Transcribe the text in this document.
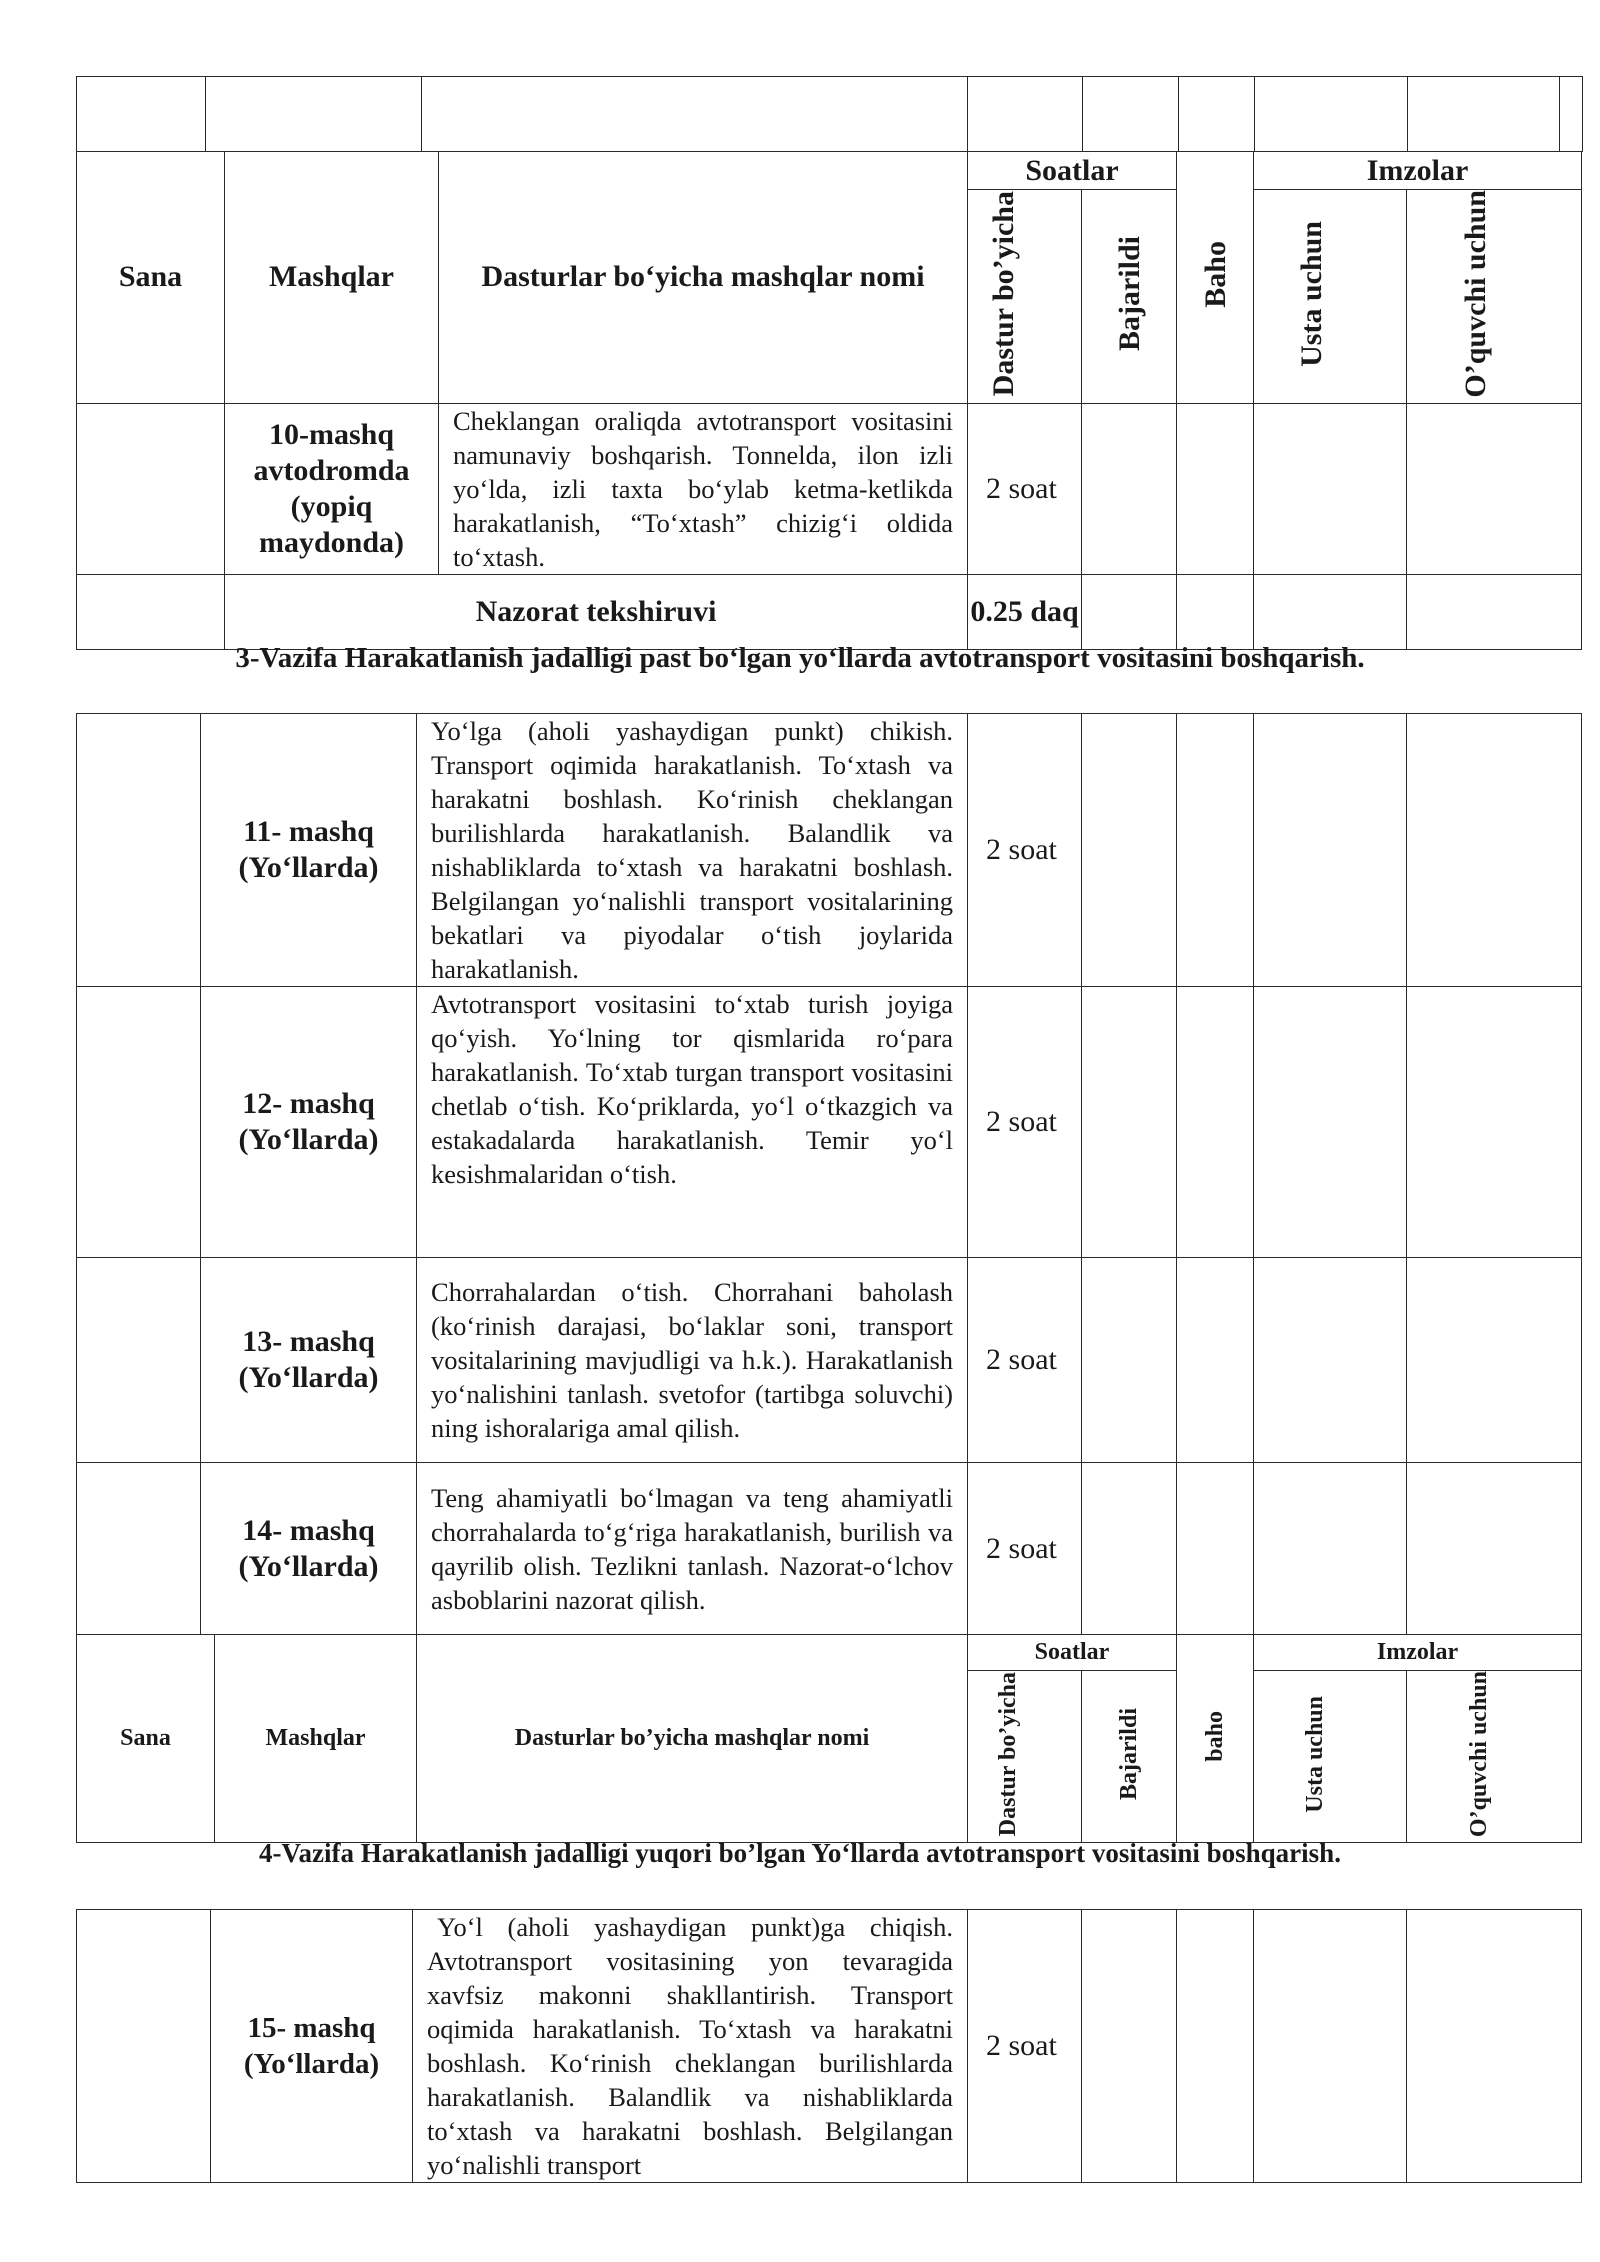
Sana	Mashqlar	Dasturlar bo‘yicha mashqlar nomi	Soatlar		Baho	Imzolar	
			Dastur bo’yicha	Bajarildi		Usta uchun	O’quvchi uchun
	10-mashq avtodromda (yopiq maydonda)	Cheklangan oraliqda avtotransport vositasini namunaviy boshqarish. Tonnelda, ilon izli yo‘lda, izli taxta bo‘ylab ketma-ketlikda harakatlanish, “To‘xtash” chizig‘i oldida to‘xtash.	2 soat				
	Nazorat tekshiruvi		0.25 daq				
3-Vazifa Harakatlanish jadalligi past bo‘lgan yo‘llarda avtotransport vositasini boshqarish.
	11- mashq (Yo‘llarda)		Yo‘lga (aholi yashaydigan punkt) chikish. Transport oqimida harakatlanish. To‘xtash va harakatni boshlash. Ko‘rinish cheklangan burilishlarda harakatlanish. Balandlik va nishabliklarda to‘xtash va harakatni boshlash. Belgilangan yo‘nalishli transport vositalarining bekatlari va piyodalar o‘tish joylarida harakatlanish.	2 soat				
	12- mashq (Yo‘llarda)		Avtotransport vositasini to‘xtab turish joyiga qo‘yish. Yo‘lning tor qismlarida ro‘para harakatlanish. To‘xtab turgan transport vositasini chetlab o‘tish. Ko‘priklarda, yo‘l o‘tkazgich va estakadalarda harakatlanish. Temir yo‘l kesishmalaridan o‘tish.	2 soat				
	13- mashq (Yo‘llarda)		Chorrahalardan o‘tish. Chorrahani baholash (ko‘rinish darajasi, bo‘laklar soni, transport vositalarining mavjudligi va h.k.). Harakatlanish yo‘nalishini tanlash. svetofor (tartibga soluvchi) ning ishoralariga amal qilish.	2 soat				
	14- mashq (Yo‘llarda)		Teng ahamiyatli bo‘lmagan va teng ahamiyatli chorrahalarda to‘g‘riga harakatlanish, burilish va qayrilib olish. Tezlikni tanlash. Nazorat-o‘lchov asboblarini nazorat qilish.	2 soat				
Sana		Mashqlar	Dasturlar bo’yicha mashqlar nomi	Soatlar		baho	Imzolar	
				Dastur bo’yicha	Bajarildi		Usta uchun	O’quvchi uchun
4-Vazifa Harakatlanish jadalligi yuqori bo’lgan Yo‘llarda avtotransport vositasini boshqarish.
	15- mashq (Yo‘llarda)	Yo‘l (aholi yashaydigan punkt)ga chiqish. Avtotransport vositasining yon tevaragida xavfsiz makonni shakllantirish. Transport oqimida harakatlanish. To‘xtash va harakatni boshlash. Ko‘rinish cheklangan burilishlarda harakatlanish. Balandlik va nishabliklarda to‘xtash va harakatni boshlash. Belgilangan yo‘nalishli transport	2 soat				
